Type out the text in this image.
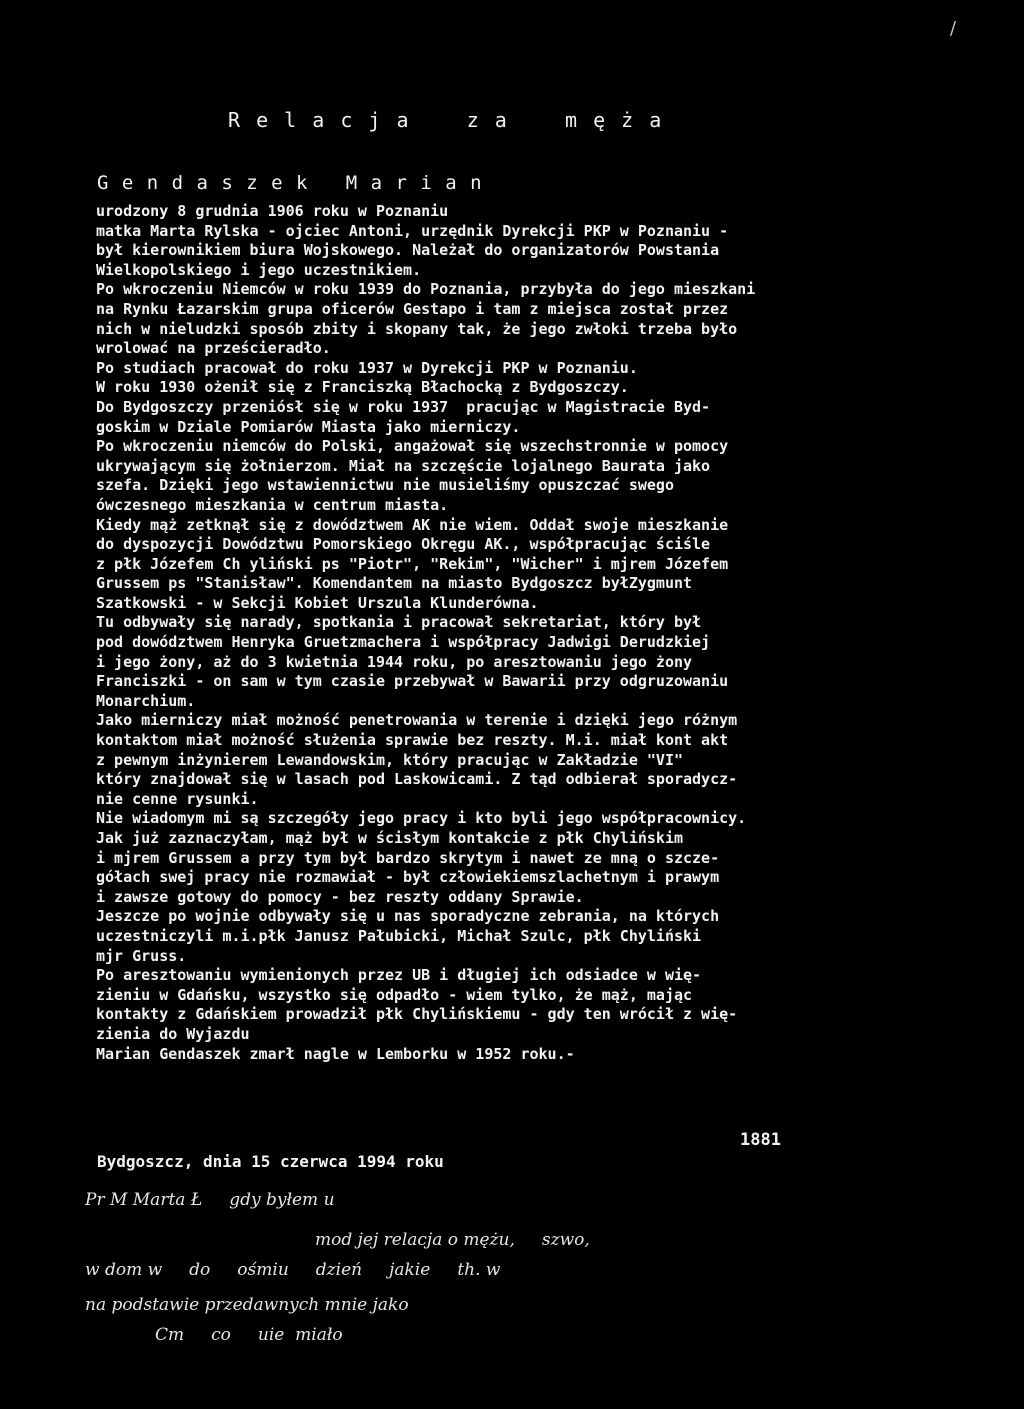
/
R e l a c j a    z a    m ę ż a
G e n d a s z e k   M a r i a n
urodzony 8 grudnia 1906 roku w Poznaniu
matka Marta Rylska - ojciec Antoni, urzędnik Dyrekcji PKP w Poznaniu -
był kierownikiem biura Wojskowego. Należał do organizatorów Powstania
Wielkopolskiego i jego uczestnikiem.
Po wkroczeniu Niemców w roku 1939 do Poznania, przybyła do jego mieszkani
na Rynku Łazarskim grupa oficerów Gestapo i tam z miejsca został przez
nich w nieludzki sposób zbity i skopany tak, że jego zwłoki trzeba było
wrolować na prześcieradło.
Po studiach pracował do roku 1937 w Dyrekcji PKP w Poznaniu.
W roku 1930 ożenił się z Franciszką Błachocką z Bydgoszczy.
Do Bydgoszczy przeniósł się w roku 1937  pracując w Magistracie Byd-
goskim w Dziale Pomiarów Miasta jako mierniczy.
Po wkroczeniu niemców do Polski, angażował się wszechstronnie w pomocy
ukrywającym się żołnierzom. Miał na szczęście lojalnego Baurata jako
szefa. Dzięki jego wstawiennictwu nie musieliśmy opuszczać swego
ówczesnego mieszkania w centrum miasta.
Kiedy mąż zetknął się z dowództwem AK nie wiem. Oddał swoje mieszkanie
do dyspozycji Dowództwu Pomorskiego Okręgu AK., współpracując ściśle
z płk Józefem Ch yliński ps "Piotr", "Rekim", "Wicher" i mjrem Józefem
Grussem ps "Stanisław". Komendantem na miasto Bydgoszcz byłZygmunt
Szatkowski - w Sekcji Kobiet Urszula Klunderówna.
Tu odbywały się narady, spotkania i pracował sekretariat, który był
pod dowództwem Henryka Gruetzmachera i współpracy Jadwigi Derudzkiej
i jego żony, aż do 3 kwietnia 1944 roku, po aresztowaniu jego żony
Franciszki - on sam w tym czasie przebywał w Bawarii przy odgruzowaniu
Monarchium.
Jako mierniczy miał możność penetrowania w terenie i dzięki jego różnym
kontaktom miał możność służenia sprawie bez reszty. M.i. miał kont akt
z pewnym inżynierem Lewandowskim, który pracując w Zakładzie "VI"
który znajdował się w lasach pod Laskowicami. Z tąd odbierał sporadycz-
nie cenne rysunki.
Nie wiadomym mi są szczegóły jego pracy i kto byli jego współpracownicy.
Jak już zaznaczyłam, mąż był w ścisłym kontakcie z płk Chylińskim
i mjrem Grussem a przy tym był bardzo skrytym i nawet ze mną o szcze-
gółach swej pracy nie rozmawiał - był człowiekiemszlachetnym i prawym
i zawsze gotowy do pomocy - bez reszty oddany Sprawie.
Jeszcze po wojnie odbywały się u nas sporadyczne zebrania, na których
uczestniczyli m.i.płk Janusz Pałubicki, Michał Szulc, płk Chyliński
mjr Gruss.
Po aresztowaniu wymienionych przez UB i długiej ich odsiadce w wię-
zieniu w Gdańsku, wszystko się odpadło - wiem tylko, że mąż, mając
kontakty z Gdańskiem prowadził płk Chylińskiemu - gdy ten wrócił z wię-
zienia do Wyjazdu
Marian Gendaszek zmarł nagle w Lemborku w 1952 roku.-
1881
Bydgoszcz, dnia 15 czerwca 1994 roku
Pr M Marta Ł     gdy byłem u
mod jej relacja o mężu,     szwo,
w dom w     do     ośmiu     dzień     jakie     th. w
na podstawie przedawnych mnie jako
Cm     co     uie  miało
